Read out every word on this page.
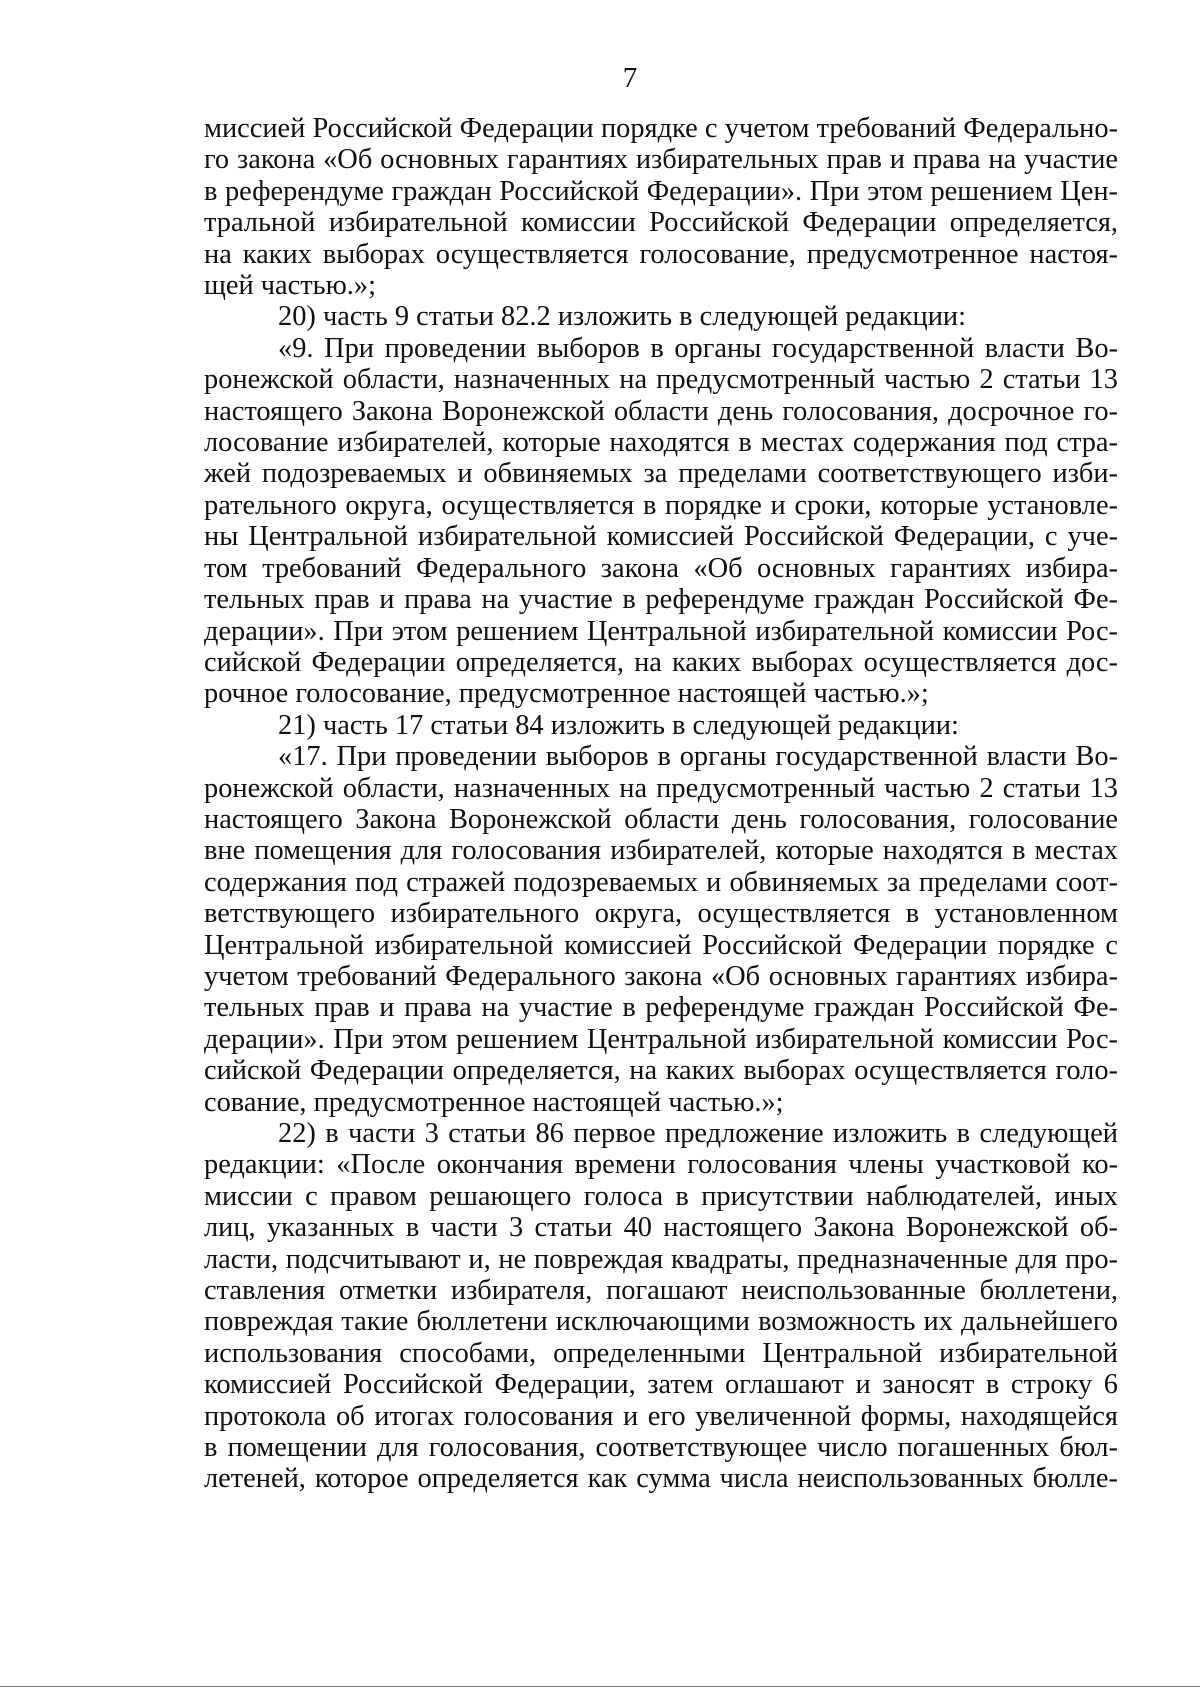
7
миссией Российской Федерации порядке с учетом требований Федерально-
го закона «Об основных гарантиях избирательных прав и права на участие
в референдуме граждан Российской Федерации». При этом решением Цен-
тральной избирательной комиссии Российской Федерации определяется,
на каких выборах осуществляется голосование, предусмотренное настоя-
щей частью.»;
20) часть 9 статьи 82.2 изложить в следующей редакции:
«9. При проведении выборов в органы государственной власти Во-
ронежской области, назначенных на предусмотренный частью 2 статьи 13
настоящего Закона Воронежской области день голосования, досрочное го-
лосование избирателей, которые находятся в местах содержания под стра-
жей подозреваемых и обвиняемых за пределами соответствующего изби-
рательного округа, осуществляется в порядке и сроки, которые установле-
ны Центральной избирательной комиссией Российской Федерации, с уче-
том требований Федерального закона «Об основных гарантиях избира-
тельных прав и права на участие в референдуме граждан Российской Фе-
дерации». При этом решением Центральной избирательной комиссии Рос-
сийской Федерации определяется, на каких выборах осуществляется дос-
рочное голосование, предусмотренное настоящей частью.»;
21) часть 17 статьи 84 изложить в следующей редакции:
«17. При проведении выборов в органы государственной власти Во-
ронежской области, назначенных на предусмотренный частью 2 статьи 13
настоящего Закона Воронежской области день голосования, голосование
вне помещения для голосования избирателей, которые находятся в местах
содержания под стражей подозреваемых и обвиняемых за пределами соот-
ветствующего избирательного округа, осуществляется в установленном
Центральной избирательной комиссией Российской Федерации порядке с
учетом требований Федерального закона «Об основных гарантиях избира-
тельных прав и права на участие в референдуме граждан Российской Фе-
дерации». При этом решением Центральной избирательной комиссии Рос-
сийской Федерации определяется, на каких выборах осуществляется голо-
сование, предусмотренное настоящей частью.»;
22) в части 3 статьи 86 первое предложение изложить в следующей
редакции: «После окончания времени голосования члены участковой ко-
миссии с правом решающего голоса в присутствии наблюдателей, иных
лиц, указанных в части 3 статьи 40 настоящего Закона Воронежской об-
ласти, подсчитывают и, не повреждая квадраты, предназначенные для про-
ставления отметки избирателя, погашают неиспользованные бюллетени,
повреждая такие бюллетени исключающими возможность их дальнейшего
использования способами, определенными Центральной избирательной
комиссией Российской Федерации, затем оглашают и заносят в строку 6
протокола об итогах голосования и его увеличенной формы, находящейся
в помещении для голосования, соответствующее число погашенных бюл-
летеней, которое определяется как сумма числа неиспользованных бюлле-
